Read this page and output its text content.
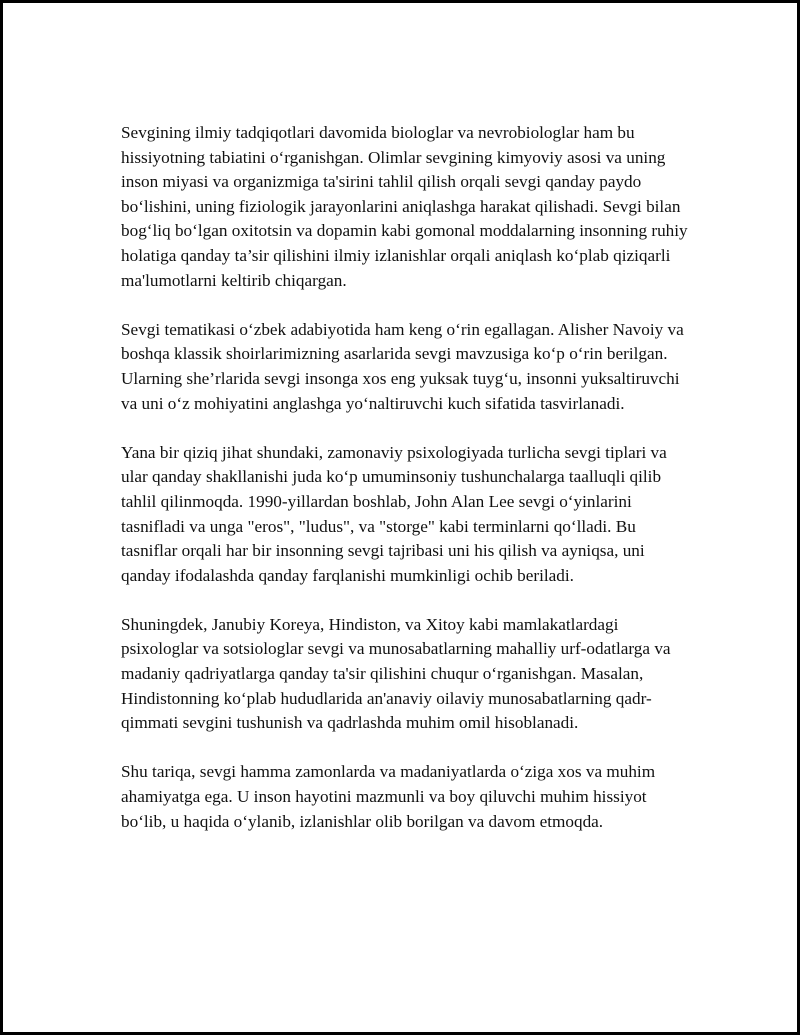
Sevgining ilmiy tadqiqotlari davomida biologlar va nevrobiologlar ham bu hissiyotning tabiatini o‘rganishgan. Olimlar sevgining kimyoviy asosi va uning inson miyasi va organizmiga ta'sirini tahlil qilish orqali sevgi qanday paydo bo‘lishini, uning fiziologik jarayonlarini aniqlashga harakat qilishadi. Sevgi bilan bog‘liq bo‘lgan oxitotsin va dopamin kabi gomonal moddalarning insonning ruhiy holatiga qanday ta’sir qilishini ilmiy izlanishlar orqali aniqlash ko‘plab qiziqarli ma'lumotlarni keltirib chiqargan.

Sevgi tematikasi o‘zbek adabiyotida ham keng o‘rin egallagan. Alisher Navoiy va boshqa klassik shoirlarimizning asarlarida sevgi mavzusiga ko‘p o‘rin berilgan. Ularning she’rlarida sevgi insonga xos eng yuksak tuyg‘u, insonni yuksaltiruvchi va uni o‘z mohiyatini anglashga yo‘naltiruvchi kuch sifatida tasvirlanadi.

Yana bir qiziq jihat shundaki, zamonaviy psixologiyada turlicha sevgi tiplari va ular qanday shakllanishi juda ko‘p umuminsoniy tushunchalarga taalluqli qilib tahlil qilinmoqda. 1990-yillardan boshlab, John Alan Lee sevgi o‘yinlarini tasnifladi va unga "eros", "ludus", va "storge" kabi terminlarni qo‘lladi. Bu tasniflar orqali har bir insonning sevgi tajribasi uni his qilish va ayniqsa, uni qanday ifodalashda qanday farqlanishi mumkinligi ochib beriladi.

Shuningdek, Janubiy Koreya, Hindiston, va Xitoy kabi mamlakatlardagi psixologlar va sotsiologlar sevgi va munosabatlarning mahalliy urf-odatlarga va madaniy qadriyatlarga qanday ta'sir qilishini chuqur o‘rganishgan. Masalan, Hindistonning ko‘plab hududlarida an'anaviy oilaviy munosabatlarning qadr-qimmati sevgini tushunish va qadrlashda muhim omil hisoblanadi.

Shu tariqa, sevgi hamma zamonlarda va madaniyatlarda o‘ziga xos va muhim ahamiyatga ega. U inson hayotini mazmunli va boy qiluvchi muhim hissiyot bo‘lib, u haqida o‘ylanib, izlanishlar olib borilgan va davom etmoqda.
